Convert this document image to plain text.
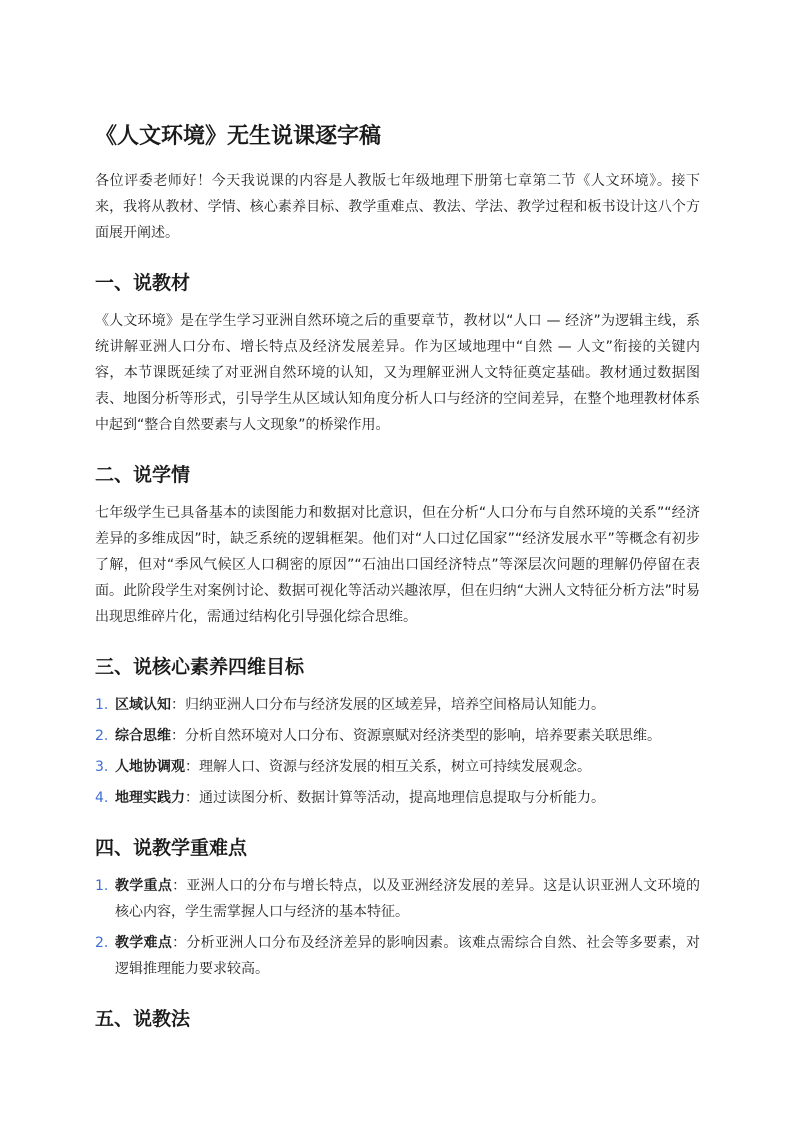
《人文环境》无生说课逐字稿

各位评委老师好！今天我说课的内容是人教版七年级地理下册第七章第二节《人文环境》。接下来，我将从教材、学情、核心素养目标、教学重难点、教法、学法、教学过程和板书设计这八个方面展开阐述。

一、说教材

《人文环境》是在学生学习亚洲自然环境之后的重要章节，教材以“人口 — 经济”为逻辑主线，系统讲解亚洲人口分布、增长特点及经济发展差异。作为区域地理中“自然 — 人文”衔接的关键内容，本节课既延续了对亚洲自然环境的认知，又为理解亚洲人文特征奠定基础。教材通过数据图表、地图分析等形式，引导学生从区域认知角度分析人口与经济的空间差异，在整个地理教材体系中起到“整合自然要素与人文现象”的桥梁作用。

二、说学情

七年级学生已具备基本的读图能力和数据对比意识，但在分析“人口分布与自然环境的关系”“经济差异的多维成因”时，缺乏系统的逻辑框架。他们对“人口过亿国家”“经济发展水平”等概念有初步了解，但对“季风气候区人口稠密的原因”“石油出口国经济特点”等深层次问题的理解仍停留在表面。此阶段学生对案例讨论、数据可视化等活动兴趣浓厚，但在归纳“大洲人文特征分析方法”时易出现思维碎片化，需通过结构化引导强化综合思维。

三、说核心素养四维目标
1. 区域认知：归纳亚洲人口分布与经济发展的区域差异，培养空间格局认知能力。
2. 综合思维：分析自然环境对人口分布、资源禀赋对经济类型的影响，培养要素关联思维。
3. 人地协调观：理解人口、资源与经济发展的相互关系，树立可持续发展观念。
4. 地理实践力：通过读图分析、数据计算等活动，提高地理信息提取与分析能力。
四、说教学重难点
1. 教学重点：亚洲人口的分布与增长特点，以及亚洲经济发展的差异。这是认识亚洲人文环境的核心内容，学生需掌握人口与经济的基本特征。
2. 教学难点：分析亚洲人口分布及经济差异的影响因素。该难点需综合自然、社会等多要素，对逻辑推理能力要求较高。
五、说教法
